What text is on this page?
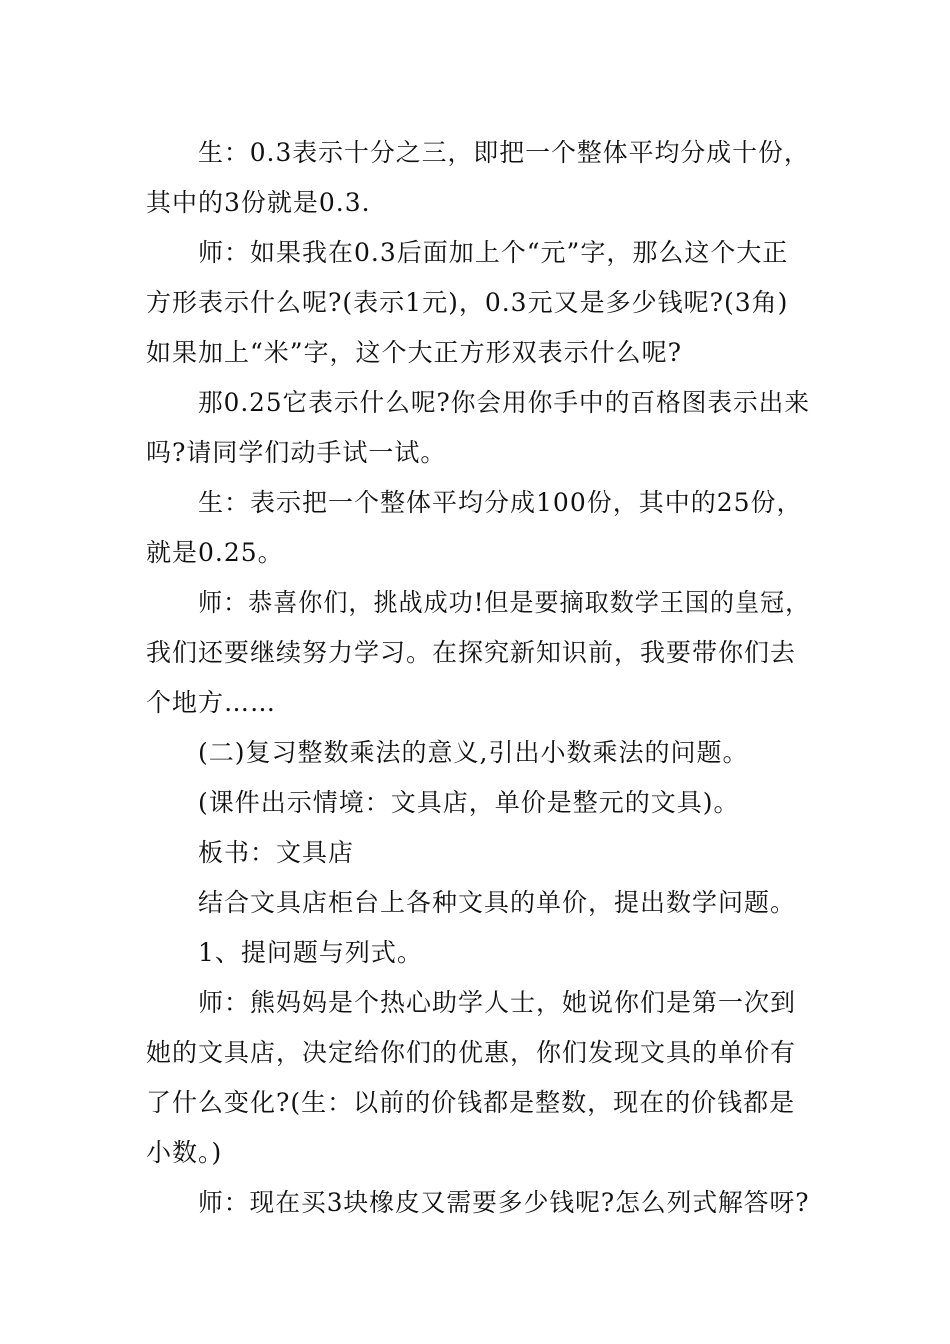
生：0.3表示十分之三，即把一个整体平均分成十份，
其中的3份就是0.3.
师：如果我在0.3后面加上个“元”字，那么这个大正
方形表示什么呢?(表示1元)，0.3元又是多少钱呢?(3角)
如果加上“米”字，这个大正方形双表示什么呢?
那0.25它表示什么呢?你会用你手中的百格图表示出来
吗?请同学们动手试一试。
生：表示把一个整体平均分成100份，其中的25份，
就是0.25。
师：恭喜你们，挑战成功!但是要摘取数学王国的皇冠，
我们还要继续努力学习。在探究新知识前，我要带你们去
个地方……
(二)复习整数乘法的意义,引出小数乘法的问题。
(课件出示情境：文具店，单价是整元的文具)。
板书：文具店
结合文具店柜台上各种文具的单价，提出数学问题。
1、提问题与列式。
师：熊妈妈是个热心助学人士，她说你们是第一次到
她的文具店，决定给你们的优惠，你们发现文具的单价有
了什么变化?(生：以前的价钱都是整数，现在的价钱都是
小数。)
师：现在买3块橡皮又需要多少钱呢?怎么列式解答呀?
